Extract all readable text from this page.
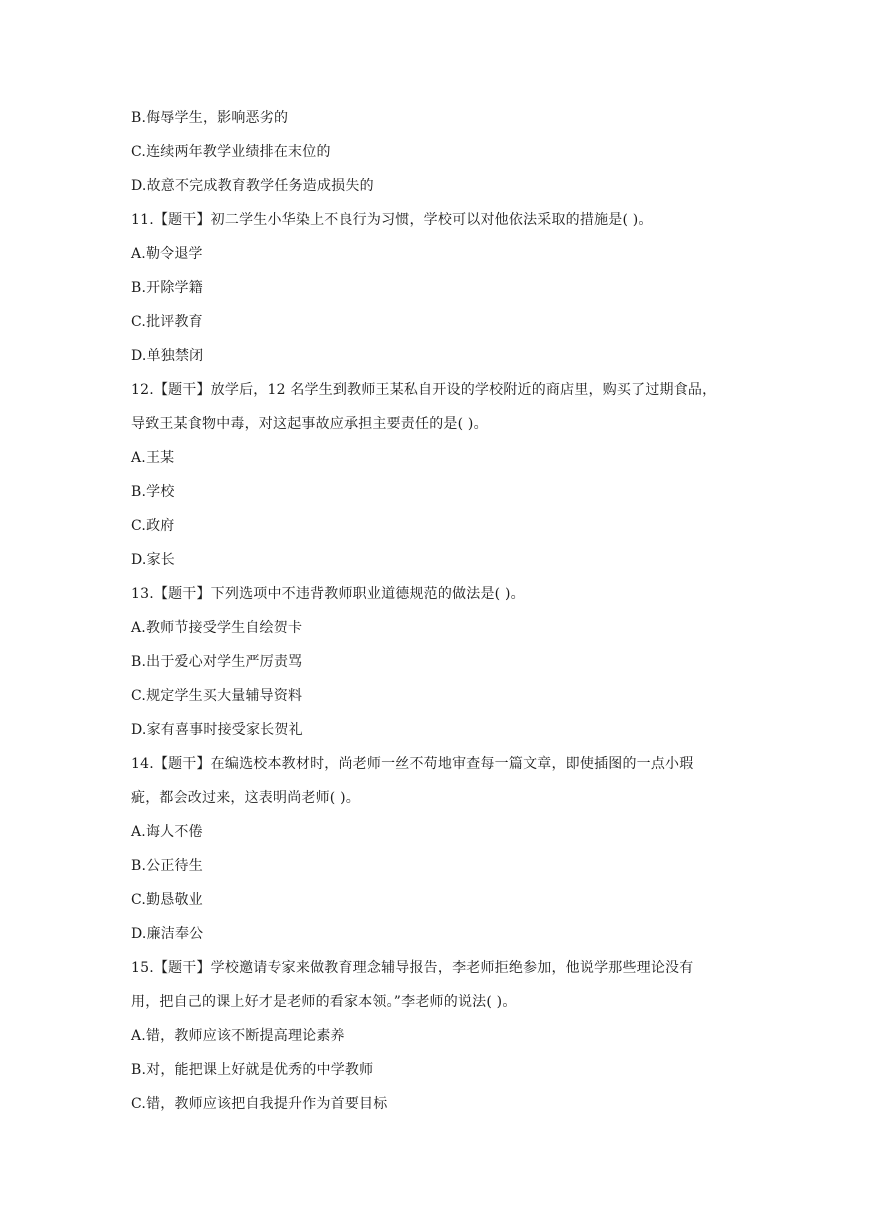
B.侮辱学生，影响恶劣的
C.连续两年教学业绩排在末位的
D.故意不完成教育教学任务造成损失的
11.【题干】初二学生小华染上不良行为习惯，学校可以对他依法采取的措施是( )。
A.勒令退学
B.开除学籍
C.批评教育
D.单独禁闭
12.【题干】放学后，12 名学生到教师王某私自开设的学校附近的商店里，购买了过期食品，
导致王某食物中毒，对这起事故应承担主要责任的是( )。
A.王某
B.学校
C.政府
D.家长
13.【题干】下列选项中不违背教师职业道德规范的做法是( )。
A.教师节接受学生自绘贺卡
B.出于爱心对学生严厉责骂
C.规定学生买大量辅导资料
D.家有喜事时接受家长贺礼
14.【题干】在编选校本教材时，尚老师一丝不苟地审查每一篇文章，即使插图的一点小瑕
疵，都会改过来，这表明尚老师( )。
A.诲人不倦
B.公正待生
C.勤恳敬业
D.廉洁奉公
15.【题干】学校邀请专家来做教育理念辅导报告，李老师拒绝参加，他说学那些理论没有
用，把自己的课上好才是老师的看家本领。”李老师的说法( )。
A.错，教师应该不断提高理论素养
B.对，能把课上好就是优秀的中学教师
C.错，教师应该把自我提升作为首要目标
